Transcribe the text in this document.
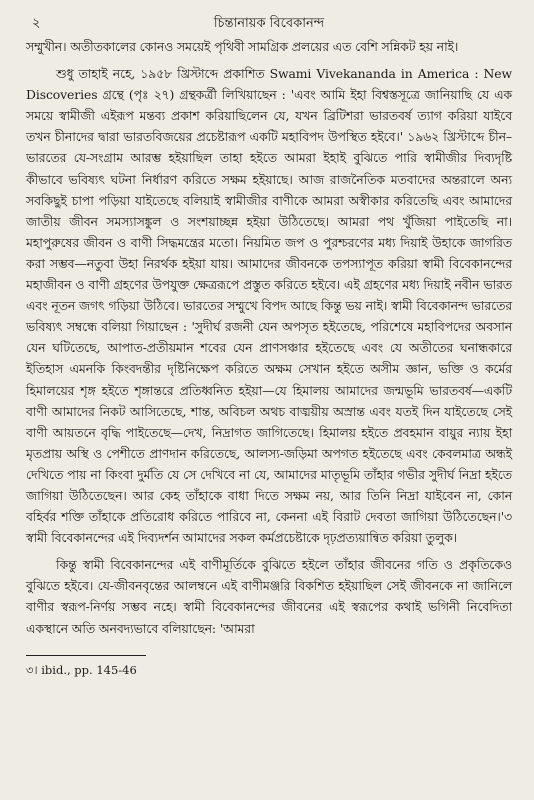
২	চিন্তানায়ক বিবেকানন্দ

সম্মুখীন। অতীতকালের কোনও সময়েই পৃথিবী সামগ্রিক প্রলয়ের এত বেশি সন্নিকট হয় নাই।

শুধু তাহাই নহে, ১৯৫৮ খ্রিস্টাব্দে প্রকাশিত Swami Vivekananda in America : New Discoveries গ্রন্থে (পৃঃ ২৭) গ্রন্থকর্ত্রী লিখিয়াছেন : 'এবং আমি ইহা বিশ্বস্তসূত্রে জানিয়াছি যে এক সময়ে স্বামীজী এইরূপ মন্তব্য প্রকাশ করিয়াছিলেন যে, যখন ব্রিটিশরা ভারতবর্ষ ত্যাগ করিয়া যাইবে তখন চীনাদের দ্বারা ভারতবিজয়ের প্রচেষ্টারূপ একটি মহাবিপদ উপস্থিত হইবে।' ১৯৬২ খ্রিস্টাব্দে চীন–ভারতের যে-সংগ্রাম আরম্ভ হইয়াছিল তাহা হইতে আমরা ইহাই বুঝিতে পারি স্বামীজীর দিব্যদৃষ্টি কীভাবে ভবিষ্যৎ ঘটনা নির্ধারণ করিতে সক্ষম হইয়াছে। আজ রাজনৈতিক মতবাদের অন্তরালে অন্য সবকিছুই চাপা পড়িয়া যাইতেছে বলিয়াই স্বামীজীর বাণীকে আমরা অস্বীকার করিতেছি এবং আমাদের জাতীয় জীবন সমস্যাসঙ্কুল ও সংশয়াচ্ছন্ন হইয়া উঠিতেছে। আমরা পথ খুঁজিয়া পাইতেছি না। মহাপুরুষের জীবন ও বাণী সিদ্ধমন্ত্রের মতো। নিয়মিত জপ ও পুরশ্চরণের মধ্য দিয়াই উহাকে জাগরিত করা সম্ভব—নতুবা উহা নিরর্থক হইয়া যায়। আমাদের জীবনকে তপস্যাপূত করিয়া স্বামী বিবেকানন্দের মহাজীবন ও বাণী গ্রহণের উপযুক্ত ক্ষেত্ররূপে প্রস্তুত করিতে হইবে। এই গ্রহণের মধ্য দিয়াই নবীন ভারত এবং নূতন জগৎ গড়িয়া উঠিবে। ভারতের সম্মুখে বিপদ আছে কিন্তু ভয় নাই। স্বামী বিবেকানন্দ ভারতের ভবিষ্যৎ সম্বন্ধে বলিয়া গিয়াছেন : 'সুদীর্ঘ রজনী যেন অপসৃত হইতেছে, পরিশেষে মহাবিপদের অবসান যেন ঘটিতেছে, আপাত-প্রতীয়মান শবের যেন প্রাণসঞ্চার হইতেছে এবং যে অতীতের ঘনান্ধকারে ইতিহাস এমনকি কিংবদন্তীর দৃষ্টিনিক্ষেপ করিতে অক্ষম সেখান হইতে অসীম জ্ঞান, ভক্তি ও কর্মের হিমালয়ের শৃঙ্গ হইতে শৃঙ্গান্তরে প্রতিধ্বনিত হইয়া—যে হিমালয় আমাদের জন্মভূমি ভারতবর্ষ—একটি বাণী আমাদের নিকট আসিতেছে, শান্ত, অবিচল অথচ বাঙ্ময়ীয় অস্রান্ত এবং যতই দিন যাইতেছে সেই বাণী আয়তনে বৃদ্ধি পাইতেছে—দেখ, নিদ্রাগত জাগিতেছে। হিমালয় হইতে প্রবহমান বায়ুর ন্যায় ইহা মৃতপ্রায় অস্থি ও পেশীতে প্রাণদান করিতেছে, আলস্য-জড়িমা অপগত হইতেছে এবং কেবলমাত্র অন্ধই দেখিতে পায় না কিংবা দুর্মতি যে সে দেখিবে না যে, আমাদের মাতৃভূমি তাঁহার গভীর সুদীর্ঘ নিদ্রা হইতে জাগিয়া উঠিতেছেন। আর কেহ তাঁহাকে বাধা দিতে সক্ষম নয়, আর তিনি নিদ্রা যাইবেন না, কোন বহির্বর শক্তি তাঁহাকে প্রতিরোধ করিতে পারিবে না, কেননা এই বিরাট দেবতা জাগিয়া উঠিতেছেন।'৩ স্বামী বিবেকানন্দের এই দিব্যদর্শন আমাদের সকল কর্মপ্রচেষ্টাকে দৃঢ়প্রত্যয়ান্বিত করিয়া তুলুক।

কিন্তু স্বামী বিবেকানন্দের এই বাণীমূর্তিকে বুঝিতে হইলে তাঁহার জীবনের গতি ও প্রকৃতিকেও বুঝিতে হইবে। যে-জীবনবৃন্তের আলম্বনে এই বাণীমঞ্জরি বিকশিত হইয়াছিল সেই জীবনকে না জানিলে বাণীর স্বরূপ-নির্ণয় সম্ভব নহে। স্বামী বিবেকানন্দের জীবনের এই স্বরূপের কথাই ভগিনী নিবেদিতা একস্থানে অতি অনবদ্যভাবে বলিয়াছেন: 'আমরা

৩। ibid., pp. 145-46
